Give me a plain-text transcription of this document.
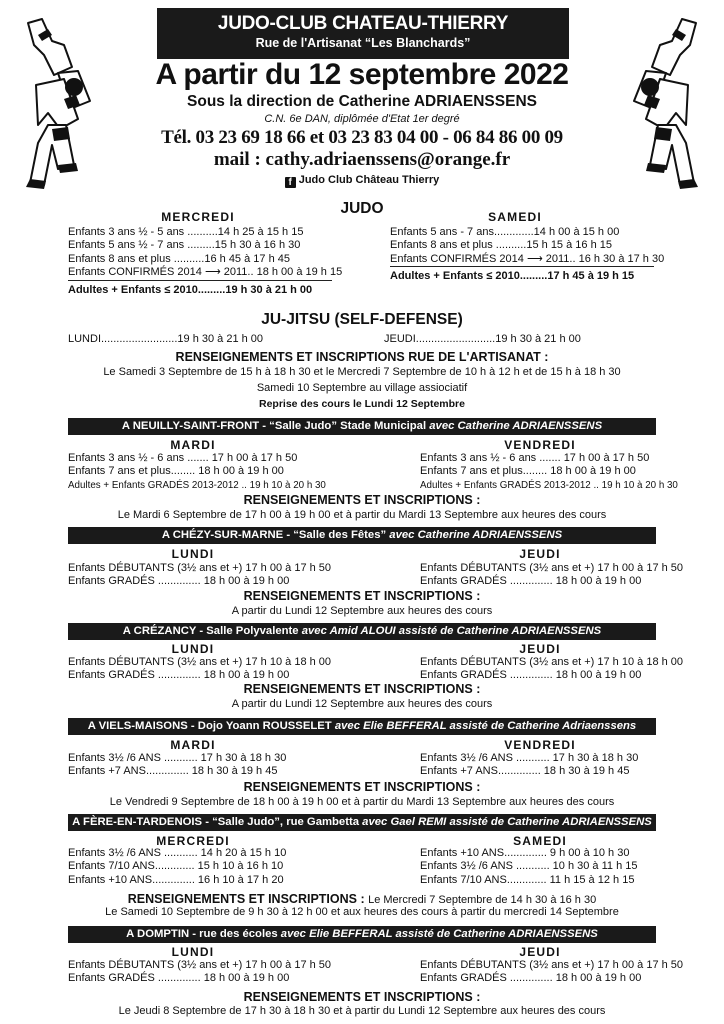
JUDO-CLUB CHATEAU-THIERRY
Rue de l'Artisanat “Les Blanchards”
A partir du 12 septembre 2022
Sous la direction de Catherine ADRIAENSSENS
C.N. 6e DAN, diplômée d'Etat 1er degré
Tél. 03 23 69 18 66 et 03 23 83 04 00 - 06 84 86 00 09
mail : cathy.adriaenssens@orange.fr
f Judo Club Château Thierry
JUDO
MERCREDI
Enfants 3 ans ½ - 5 ans ..........14 h 25 à 15 h 15
Enfants 5 ans ½ - 7 ans .........15 h 30 à 16 h 30
Enfants 8 ans et plus ..........16 h 45 à 17 h 45
Enfants CONFIRMÉS 2014 ⟶ 2011.. 18 h 00 à 19 h 15
Adultes + Enfants ≤ 2010.........19 h 30 à 21 h 00
SAMEDI
Enfants 5 ans - 7 ans.............14 h 00 à 15 h 00
Enfants 8 ans et plus ..........15 h 15 à 16 h 15
Enfants CONFIRMÉS 2014 ⟶ 2011.. 16 h 30 à 17 h 30
Adultes + Enfants ≤ 2010.........17 h 45 à 19 h 15
JU-JITSU (SELF-DEFENSE)
LUNDI.........................19 h 30 à 21 h 00	JEUDI..........................19 h 30 à 21 h 00
RENSEIGNEMENTS ET INSCRIPTIONS RUE DE L'ARTISANAT :
Le Samedi 3 Septembre de 15 h à 18 h 30 et le Mercredi 7 Septembre de 10 h à 12 h et de 15 h à 18 h 30
Samedi 10 Septembre au village assiociatif
Reprise des cours le Lundi 12 Septembre
A NEUILLY-SAINT-FRONT - “Salle Judo” Stade Municipal avec Catherine ADRIAENSSENS
MARDI
Enfants 3 ans ½ - 6 ans ....... 17 h 00 à 17 h 50
Enfants 7 ans et plus........ 18 h 00 à 19 h 00
Adultes + Enfants GRADÉS 2013-2012 .. 19 h 10 à 20 h 30
VENDREDI
Enfants 3 ans ½ - 6 ans ....... 17 h 00 à 17 h 50
Enfants 7 ans et plus........ 18 h 00 à 19 h 00
Adultes + Enfants GRADÉS 2013-2012 .. 19 h 10 à 20 h 30
RENSEIGNEMENTS ET INSCRIPTIONS :
Le Mardi 6 Septembre de 17 h 00 à 19 h 00 et à partir du Mardi 13 Septembre aux heures des cours
A CHÉZY-SUR-MARNE - “Salle des Fêtes” avec Catherine ADRIAENSSENS
LUNDI
Enfants DÉBUTANTS (3½ ans et +) 17 h 00 à 17 h 50
Enfants GRADÉS .............. 18 h 00 à 19 h 00
JEUDI
Enfants DÉBUTANTS (3½ ans et +) 17 h 00 à 17 h 50
Enfants GRADÉS .............. 18 h 00 à 19 h 00
RENSEIGNEMENTS ET INSCRIPTIONS :
A partir du Lundi 12 Septembre aux heures des cours
A CRÉZANCY - Salle Polyvalente avec Amid ALOUI assisté de Catherine ADRIAENSSENS
LUNDI
Enfants DÉBUTANTS (3½ ans et +) 17 h 10 à 18 h 00
Enfants GRADÉS .............. 18 h 00 à 19 h 00
JEUDI
Enfants DÉBUTANTS (3½ ans et +) 17 h 10 à 18 h 00
Enfants GRADÉS .............. 18 h 00 à 19 h 00
RENSEIGNEMENTS ET INSCRIPTIONS :
A partir du Lundi 12 Septembre aux heures des cours
A VIELS-MAISONS - Dojo Yoann ROUSSELET avec Elie BEFFERAL assisté de Catherine Adriaenssens
MARDI
Enfants 3½ /6 ANS ........... 17 h 30 à 18 h 30
Enfants +7 ANS.............. 18 h 30 à 19 h 45
VENDREDI
Enfants 3½ /6 ANS ........... 17 h 30 à 18 h 30
Enfants +7 ANS.............. 18 h 30 à 19 h 45
RENSEIGNEMENTS ET INSCRIPTIONS :
Le Vendredi 9 Septembre de 18 h 00 à 19 h 00 et à partir du Mardi 13 Septembre aux heures des cours
A FÈRE-EN-TARDENOIS - “Salle Judo”, rue Gambetta avec Gael REMI assisté de Catherine ADRIAENSSENS
MERCREDI
Enfants 3½ /6 ANS ........... 14 h 20 à 15 h 10
Enfants 7/10 ANS............. 15 h 10 à 16 h 10
Enfants +10 ANS.............. 16 h 10 à 17 h 20
SAMEDI
Enfants +10 ANS.............. 9 h 00 à 10 h 30
Enfants 3½ /6 ANS ........... 10 h 30 à 11 h 15
Enfants 7/10 ANS............. 11 h 15 à 12 h 15
RENSEIGNEMENTS ET INSCRIPTIONS : Le Mercredi 7 Septembre de 14 h 30 à 16 h 30
Le Samedi 10 Septembre de 9 h 30 à 12 h 00 et aux heures des cours à partir du mercredi 14 Septembre
A DOMPTIN - rue des écoles avec Elie BEFFERAL assisté de Catherine ADRIAENSSENS
LUNDI
Enfants DÉBUTANTS (3½ ans et +) 17 h 00 à 17 h 50
Enfants GRADÉS .............. 18 h 00 à 19 h 00
JEUDI
Enfants DÉBUTANTS (3½ ans et +) 17 h 00 à 17 h 50
Enfants GRADÉS .............. 18 h 00 à 19 h 00
RENSEIGNEMENTS ET INSCRIPTIONS :
Le Jeudi 8 Septembre de 17 h 30 à 18 h 30 et à partir du Lundi 12 Septembre aux heures des cours
